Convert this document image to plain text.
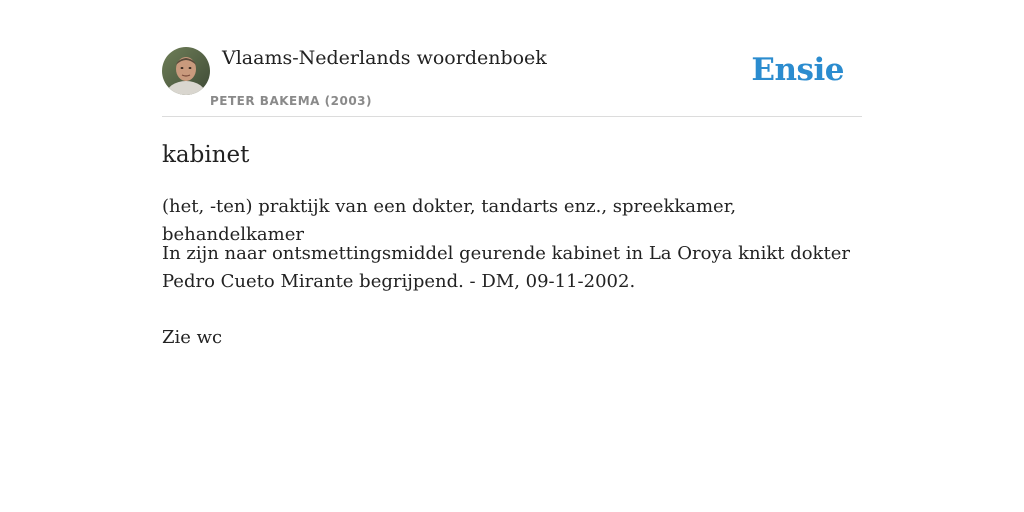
Vlaams-Nederlands woordenboek
PETER BAKEMA (2003)
Ensie
kabinet
(het, -ten) praktijk van een dokter, tandarts enz., spreekkamer, behandelkamer
In zijn naar ontsmettingsmiddel geurende kabinet in La Oroya knikt dokter Pedro Cueto Mirante begrijpend. - DM, 09-11-2002.
Zie wc
